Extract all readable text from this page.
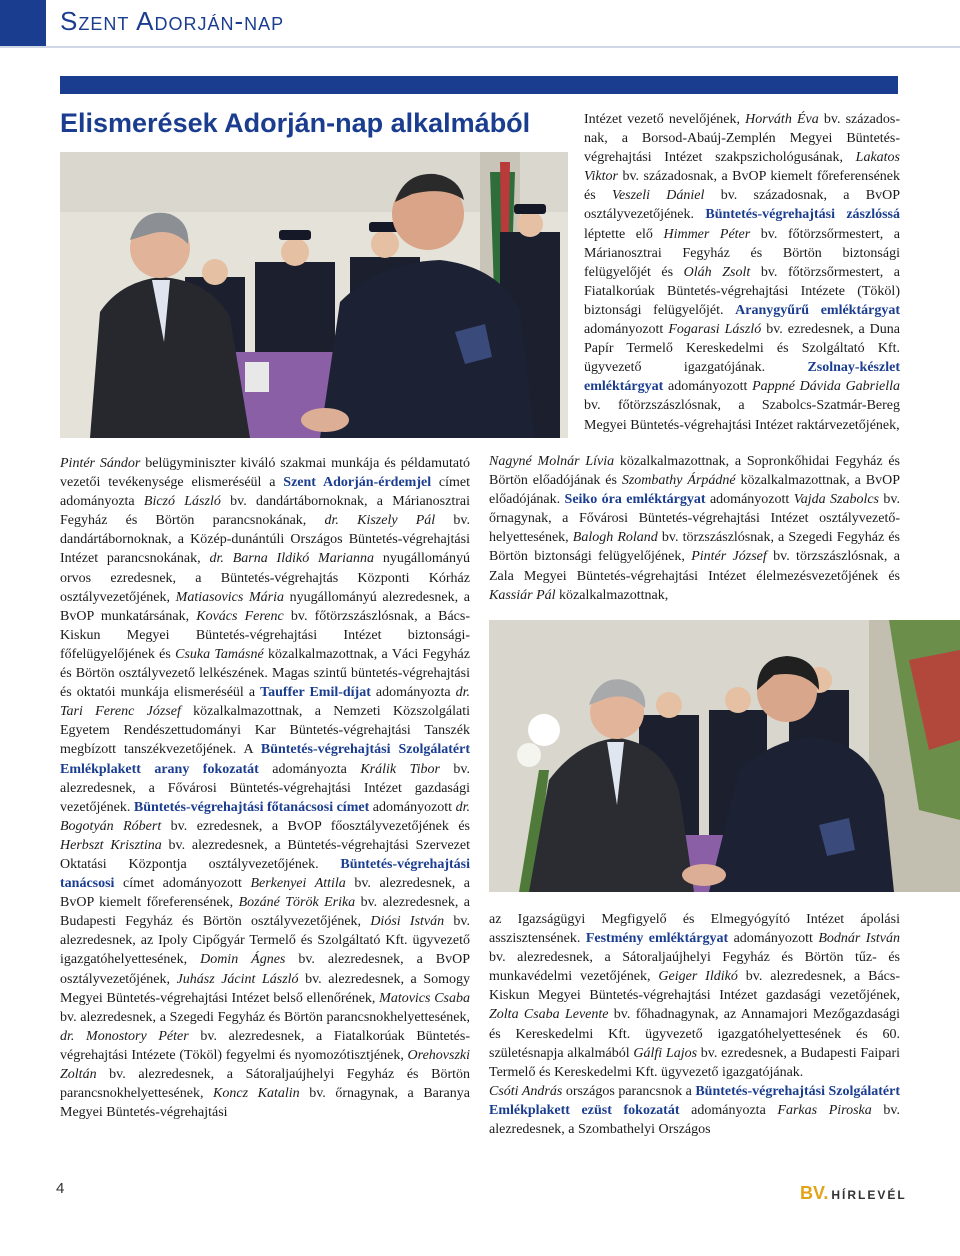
Szent Adorján-nap
Elismerések Adorján-nap alkalmából	Intézet vezető nevelőjének, Horváth Éva bv. századosnak, a Borsod-Abaúj-Zemplén Megyei Büntetés-végrehajtási Intézet szakpszichológusának, Lakatos Viktor bv. századosnak, a BvOP kiemelt főreferensének és Veszeli Dániel bv. századosnak, a BvOP osztályvezetőjének. Büntetés-végrehajtási zászlóssá léptette elő Himmer Péter bv. főtörzsőrmestert, a Márianosztrai Fegyház és Börtön biztonsági felügyelőjét és Oláh Zsolt bv. főtörzsőrmestert, a Fiatalkorúak Büntetés-végrehajtási Intézete (Tököl) biztonsági felügyelőjét. Aranygyűrű emléktárgyat adományozott Fogarasi László bv. ezredesnek, a Duna Papír Termelő Kereskedelmi és Szolgáltató Kft. ügyvezető igazgatójának. Zsolnay-készlet emléktárgyat adományozott Pappné Dávida Gabriella bv. főtörzszászlósnak, a Szabolcs-Szatmár-Bereg Megyei Büntetés-végrehajtási Intézet raktárvezetőjének,

Nagyné Molnár Lívia közalkalmazottnak, a Sopronkőhidai Fegyház és Börtön előadójának és Szombathy Árpádné közalkalmazottnak, a BvOP előadójának. Seiko óra emléktárgyat adományozott Vajda Szabolcs bv. őrnagynak, a Fővárosi Büntetés-végrehajtási Intézet osztályvezető-helyettesének, Balogh Roland bv. törzszászlósnak, a Szegedi Fegyház és Börtön biztonsági felügyelőjének, Pintér József bv. törzszászlósnak, a Zala Megyei Büntetés-végrehajtási Intézet élelmezésvezetőjének és Kassiár Pál közalkalmazottnak,

Pintér Sándor belügyminiszter kiváló szakmai munkája és példamutató vezetői tevékenysége elismeréséül a Szent Adorján-érdemjel címet adományozta Biczó László bv. dandártábornoknak, a Márianosztrai Fegyház és Börtön parancsnokának, dr. Kiszely Pál bv. dandártábornoknak, a Közép-dunántúli Országos Büntetés-végrehajtási Intézet parancsnokának, dr. Barna Ildikó Marianna nyugállományú orvos ezredesnek, a Büntetés-végrehajtás Központi Kórház osztályvezetőjének, Matiasovics Mária nyugállományú alezredesnek, a BvOP munkatársának, Kovács Ferenc bv. főtörzszászlósnak, a Bács-Kiskun Megyei Büntetés-végrehajtási Intézet biztonsági-főfelügyelőjének és Csuka Tamásné közalkalmazottnak, a Váci Fegyház és Börtön osztályvezető lelkészének. Magas szintű büntetés-végrehajtási és oktatói munkája elismeréséül a Tauffer Emil-díjat adományozta dr. Tari Ferenc József közalkalmazottnak, a Nemzeti Közszolgálati Egyetem Rendészettudományi Kar Büntetés-végrehajtási Tanszék megbízott tanszékvezetőjének. A Büntetés-végrehajtási Szolgálatért Emlékplakett arany fokozatát adományozta Králik Tibor bv. alezredesnek, a Fővárosi Büntetés-végrehajtási Intézet gazdasági vezetőjének. Büntetés-végrehajtási főtanácsosi címet adományozott dr. Bogotyán Róbert bv. ezredesnek, a BvOP főosztályvezetőjének és Herbszt Krisztina bv. alezredesnek, a Büntetés-végrehajtási Szervezet Oktatási Központja osztályvezetőjének. Büntetés-végrehajtási tanácsosi címet adományozott Berkenyei Attila bv. alezredesnek, a BvOP kiemelt főreferensének, Bozáné Török Erika bv. alezredesnek, a Budapesti Fegyház és Börtön osztályvezetőjének, Diósi István bv. alezredesnek, az Ipoly Cipőgyár Termelő és Szolgáltató Kft. ügyvezető igazgatóhelyettesének, Domin Ágnes bv. alezredesnek, a BvOP osztályvezetőjének, Juhász Jácint László bv. alezredesnek, a Somogy Megyei Büntetés-végrehajtási Intézet belső ellenőrének, Matovics Csaba bv. alezredesnek, a Szegedi Fegyház és Börtön parancsnokhelyettesének, dr. Monostory Péter bv. alezredesnek, a Fiatalkorúak Büntetés-végrehajtási Intézete (Tököl) fegyelmi és nyomozótisztjének, Orehovszki Zoltán bv. alezredesnek, a Sátoraljaújhelyi Fegyház és Börtön parancsnokhelyettesének, Koncz Katalin bv. őrnagynak, a Baranya Megyei Büntetés-végrehajtási

az Igazságügyi Megfigyelő és Elmegyógyító Intézet ápolási asszisztensének. Festmény emléktárgyat adományozott Bodnár István bv. alezredesnek, a Sátoraljaújhelyi Fegyház és Börtön tűz- és munkavédelmi vezetőjének, Geiger Ildikó bv. alezredesnek, a Bács-Kiskun Megyei Büntetés-végrehajtási Intézet gazdasági vezetőjének, Zolta Csaba Levente bv. főhadnagynak, az Annamajori Mezőgazdasági és Kereskedelmi Kft. ügyvezető igazgatóhelyettesének és 60. születésnapja alkalmából Gálfi Lajos bv. ezredesnek, a Budapesti Faipari Termelő és Kereskedelmi Kft. ügyvezető igazgatójának.

Csóti András országos parancsnok a Büntetés-végrehajtási Szolgálatért Emlékplakett ezüst fokozatát adományozta Farkas Piroska bv. alezredesnek, a Szombathelyi Országos

4	BV. HÍRLEVÉL
